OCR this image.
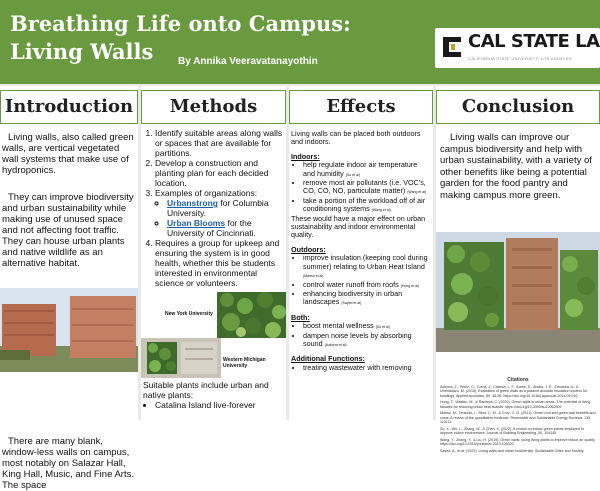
Breathing Life onto Campus:
Living Walls	By Annika Veeravatanayothin
CAL STATE LA
CALIFORNIA STATE UNIVERSITY, LOS ANGELES
Introduction
Living walls, also called green walls, are vertical vegetated wall systems that make use of hydroponics.
They can improve biodiversity and urban sustainability while making use of unused space and not affecting foot traffic. They can house urban plants and native wildlife as an alternative habitat.
There are many blank, window-less walls on campus, most notably on Salazar Hall, King Hall, Music, and Fine Arts. The space
Methods
1. Identify suitable areas along walls or spaces that are available for partitions.
2. Develop a construction and planting plan for each decided location.
3. Examples of organizations:
◦ Urbanstrong for Columbia University.
◦ Urban Blooms for the University of Cincinnati.
4. Requires a group for upkeep and ensuring the system is in good health, whether this be students interested in environmental science or volunteers.
New York University
Western Michigan University
Suitable plants include urban and native plants:
• Catalina Island live-forever
Effects
Living walls can be placed both outdoors and indoors.
Indoors:
• help regulate indoor air temperature and humidity (Su et al)
• remove most air pollutants (i.e. VOC's, CO, CO, NO, particulate matter) (Wang et al)
• take a portion of the workload off of air conditioning systems (Wang et al)
These would have a major effect on urban sustainability and indoor environmental quality.
Outdoors:
• improve insulation (keeping cool during summer) relating to Urban Heat Island (Manso et al)
• control water runoff from roofs (Hung et al)
• enhancing biodiversity in urban landscapes (Sayed et al)
Both:
• boost mental wellness (Su et al)
• dampen noise levels by absorbing sound (Azkorra et al)
Additional Functions:
• treating wastewater with removing
Conclusion
Living walls can improve our campus biodiversity and help with urban sustainability, with a variety of other benefits like being a potential garden for the food pantry and making campus more green.
Citations
Azkorra, Z., Pérez, G., Coma, J., Cabeza, L. F., Bures, S., Álvaro, J. E., Erkoreka, A., & Urrestarazu, M. (2015). Evaluation of green walls as a passive acoustic insulation system for buildings. Applied Acoustics, 89, 46-56. https://doi.org/10.1016/j.apacoust.2014.09.010
Hung, T., Walden, M., & Rainbow, C. (2020). Green walls in urban areas. The potential of living facades for reducing urban heat islands. https://doi.org/10.3390/su12062509
Manso, M., Teotónio, I., Silva, C. M., & Cruz, C. O. (2021). Green roof and green wall benefits and costs: A review of the quantitative evidence. Renewable and Sustainable Energy Reviews, 135, 110111.
Su, X., Wu, L., Zhang, W., & Chen, X. (2022). A review on indoor green plants employed to improve indoor environment. Journal of Building Engineering, 50, 104145.
Wang, Y., Zhang, Y., & Liu, H. (2019). Green walls: using living plants to improve indoor air quality. https://doi.org/10.1016/j.buildenv.2019.106320
Sayed, A., et al. (2023). Living walls and urban biodiversity. Sustainable Cities and Society.
